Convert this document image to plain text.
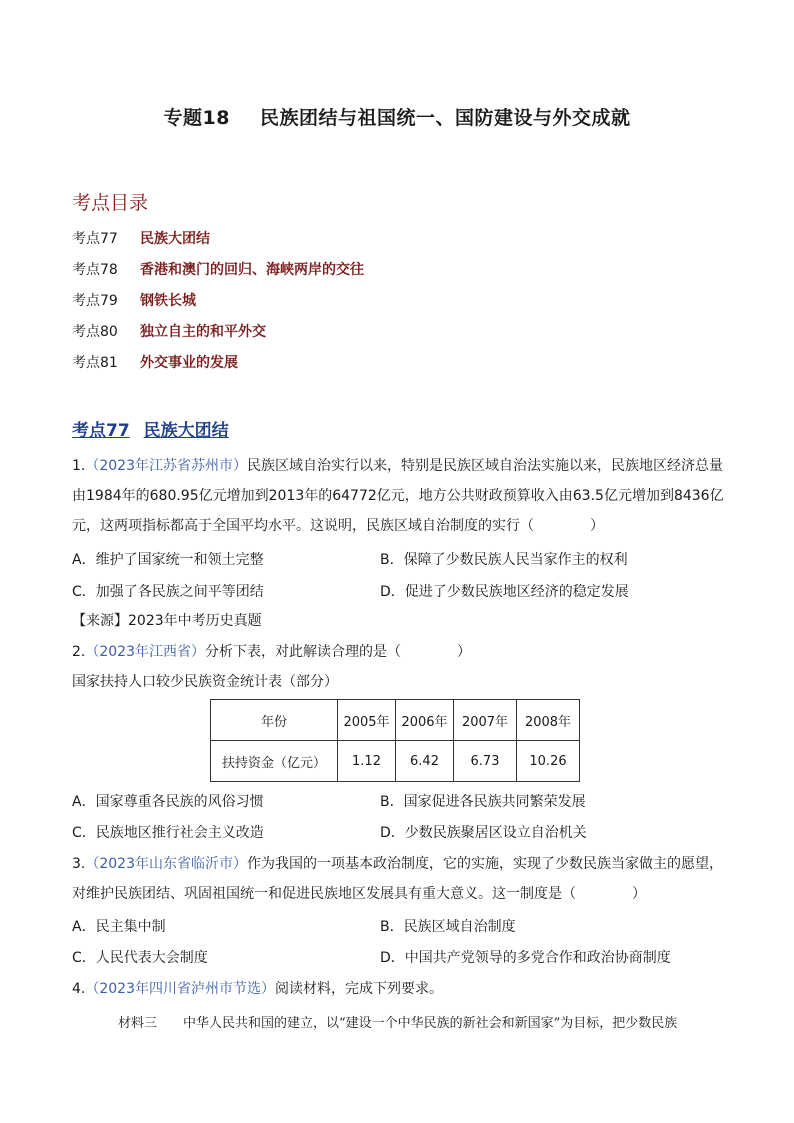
专题18 民族团结与祖国统一、国防建设与外交成就
考点目录
考点77 民族大团结
考点78 香港和澳门的回归、海峡两岸的交往
考点79 钢铁长城
考点80 独立自主的和平外交
考点81 外交事业的发展
考点77 民族大团结
1.（2023年江苏省苏州市）民族区域自治实行以来，特别是民族区域自治法实施以来，民族地区经济总量
由1984年的680.95亿元增加到2013年的64772亿元，地方公共财政预算收入由63.5亿元增加到8436亿
元，这两项指标都高于全国平均水平。这说明，民族区域自治制度的实行（　　　　）
A．维护了国家统一和领土完整	B．保障了少数民族人民当家作主的权利
C．加强了各民族之间平等团结	D．促进了少数民族地区经济的稳定发展
【来源】2023年中考历史真题
2.（2023年江西省）分析下表，对此解读合理的是（　　　　）
国家扶持人口较少民族资金统计表（部分）
年份	2005年	2006年	2007年	2008年
扶持资金（亿元）	1.12	6.42	6.73	10.26
A．国家尊重各民族的风俗习惯	B．国家促进各民族共同繁荣发展
C．民族地区推行社会主义改造	D．少数民族聚居区设立自治机关
3.（2023年山东省临沂市）作为我国的一项基本政治制度，它的实施，实现了少数民族当家做主的愿望，
对维护民族团结、巩固祖国统一和促进民族地区发展具有重大意义。这一制度是（　　　　）
A．民主集中制	B．民族区域自治制度
C．人民代表大会制度	D．中国共产党领导的多党合作和政治协商制度
4.（2023年四川省泸州市节选）阅读材料，完成下列要求。
材料三 中华人民共和国的建立，以“建设一个中华民族的新社会和新国家”为目标，把少数民族
